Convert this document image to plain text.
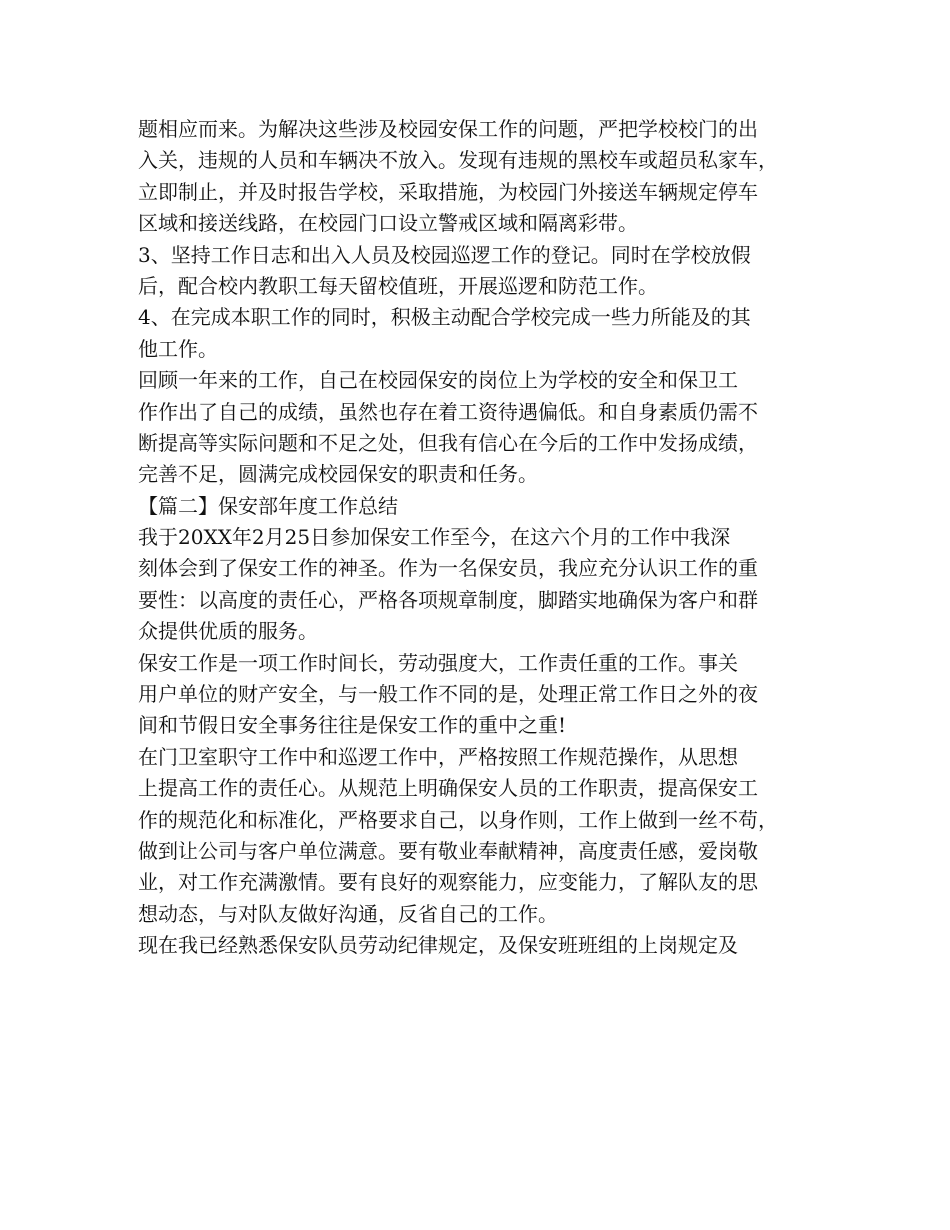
题相应而来。为解决这些涉及校园安保工作的问题，严把学校校门的出

入关，违规的人员和车辆决不放入。发现有违规的黑校车或超员私家车，

立即制止，并及时报告学校，采取措施，为校园门外接送车辆规定停车

区域和接送线路，在校园门口设立警戒区域和隔离彩带。

3、坚持工作日志和出入人员及校园巡逻工作的登记。同时在学校放假

后，配合校内教职工每天留校值班，开展巡逻和防范工作。

4、在完成本职工作的同时，积极主动配合学校完成一些力所能及的其

他工作。

回顾一年来的工作，自己在校园保安的岗位上为学校的安全和保卫工

作作出了自己的成绩，虽然也存在着工资待遇偏低。和自身素质仍需不

断提高等实际问题和不足之处，但我有信心在今后的工作中发扬成绩，

完善不足，圆满完成校园保安的职责和任务。

【篇二】保安部年度工作总结

我于20XX年2月25日参加保安工作至今，在这六个月的工作中我深

刻体会到了保安工作的神圣。作为一名保安员，我应充分认识工作的重

要性：以高度的责任心，严格各项规章制度，脚踏实地确保为客户和群

众提供优质的服务。

保安工作是一项工作时间长，劳动强度大，工作责任重的工作。事关

用户单位的财产安全，与一般工作不同的是，处理正常工作日之外的夜

间和节假日安全事务往往是保安工作的重中之重!

在门卫室职守工作中和巡逻工作中，严格按照工作规范操作，从思想

上提高工作的责任心。从规范上明确保安人员的工作职责，提高保安工

作的规范化和标准化，严格要求自己，以身作则，工作上做到一丝不苟，

做到让公司与客户单位满意。要有敬业奉献精神，高度责任感，爱岗敬

业，对工作充满激情。要有良好的观察能力，应变能力，了解队友的思

想动态，与对队友做好沟通，反省自己的工作。

现在我已经熟悉保安队员劳动纪律规定，及保安班班组的上岗规定及
